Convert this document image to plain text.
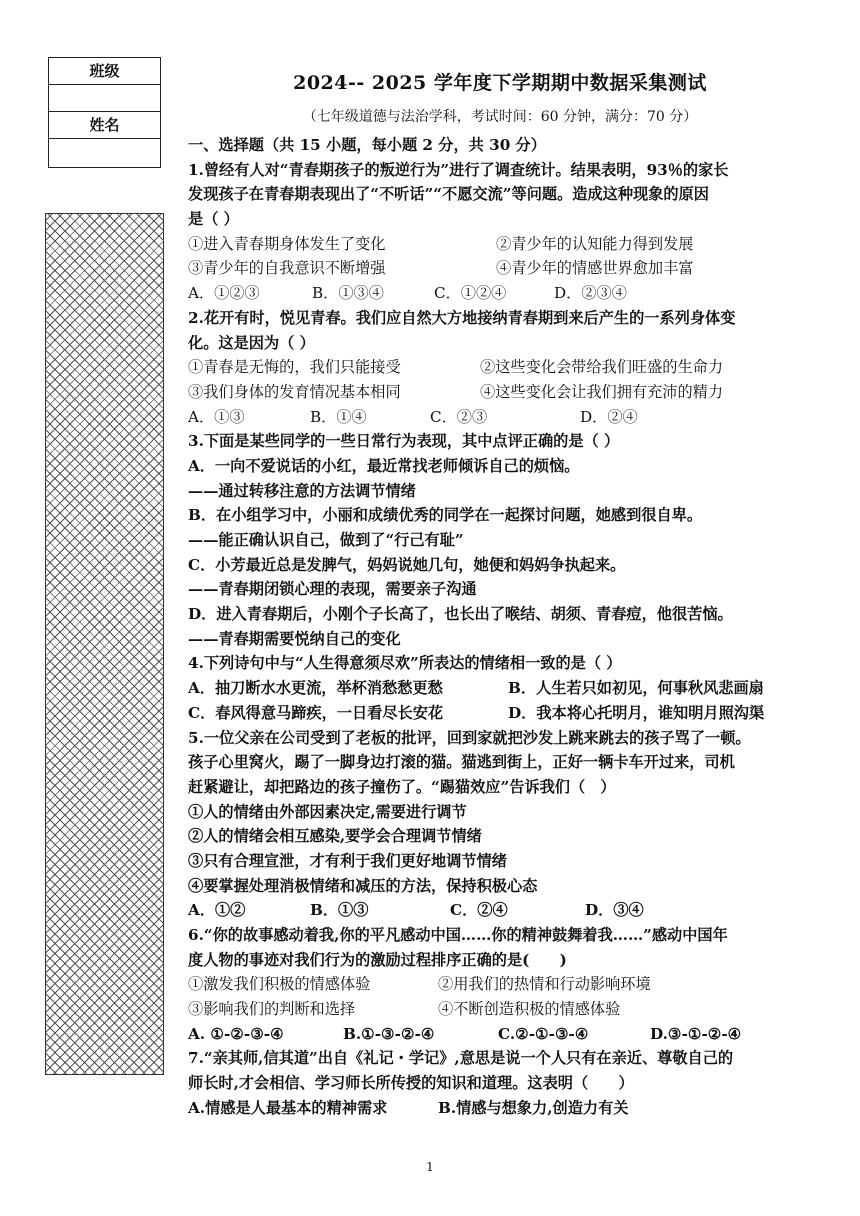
班级
姓名
2024-- 2025 学年度下学期期中数据采集测试
（七年级道德与法治学科，考试时间：60 分钟，满分：70 分）
一、选择题（共 15 小题，每小题 2 分，共 30 分）
1.曾经有人对“青春期孩子的叛逆行为”进行了调查统计。结果表明，93％的家长
发现孩子在青春期表现出了“不听话”“不愿交流”等问题。造成这种现象的原因
是（ ）
①进入青春期身体发生了变化	②青少年的认知能力得到发展
③青少年的自我意识不断增强	④青少年的情感世界愈加丰富
A．①②③	B．①③④	C．①②④	D．②③④
2.花开有时，悦见青春。我们应自然大方地接纳青春期到来后产生的一系列身体变
化。这是因为（ ）
①青春是无悔的，我们只能接受	②这些变化会带给我们旺盛的生命力
③我们身体的发育情况基本相同	④这些变化会让我们拥有充沛的精力
A．①③	B．①④	C．②③	D．②④
3.下面是某些同学的一些日常行为表现，其中点评正确的是（ ）
A．一向不爱说话的小红，最近常找老师倾诉自己的烦恼。
——通过转移注意的方法调节情绪
B．在小组学习中，小丽和成绩优秀的同学在一起探讨问题，她感到很自卑。
——能正确认识自己，做到了“行己有耻”
C．小芳最近总是发脾气，妈妈说她几句，她便和妈妈争执起来。
——青春期闭锁心理的表现，需要亲子沟通
D．进入青春期后，小刚个子长高了，也长出了喉结、胡须、青春痘，他很苦恼。
——青春期需要悦纳自己的变化
4.下列诗句中与“人生得意须尽欢”所表达的情绪相一致的是（ ）
A．抽刀断水水更流，举杯消愁愁更愁	B．人生若只如初见，何事秋风悲画扇
C．春风得意马蹄疾，一日看尽长安花	D．我本将心托明月，谁知明月照沟渠
5.一位父亲在公司受到了老板的批评，回到家就把沙发上跳来跳去的孩子骂了一顿。
孩子心里窝火，踢了一脚身边打滚的猫。猫逃到街上，正好一辆卡车开过来，司机
赶紧避让，却把路边的孩子撞伤了。“踢猫效应”告诉我们（　）
①人的情绪由外部因素决定,需要进行调节
②人的情绪会相互感染,要学会合理调节情绪
③只有合理宣泄，才有利于我们更好地调节情绪
④要掌握处理消极情绪和减压的方法，保持积极心态
A．①②	B．①③	C．②④	D．③④
6.“你的故事感动着我,你的平凡感动中国……你的精神鼓舞着我……”感动中国年
度人物的事迹对我们行为的激励过程排序正确的是(　　)
①激发我们积极的情感体验	②用我们的热情和行动影响环境
③影响我们的判断和选择	④不断创造积极的情感体验
A. ①-②-③-④	B.①-③-②-④	C.②-①-③-④	D.③-①-②-④
7.“亲其师,信其道”出自《礼记・学记》,意思是说一个人只有在亲近、尊敬自己的
师长时,才会相信、学习师长所传授的知识和道理。这表明（　　）
A.情感是人最基本的精神需求	B.情感与想象力,创造力有关
1
